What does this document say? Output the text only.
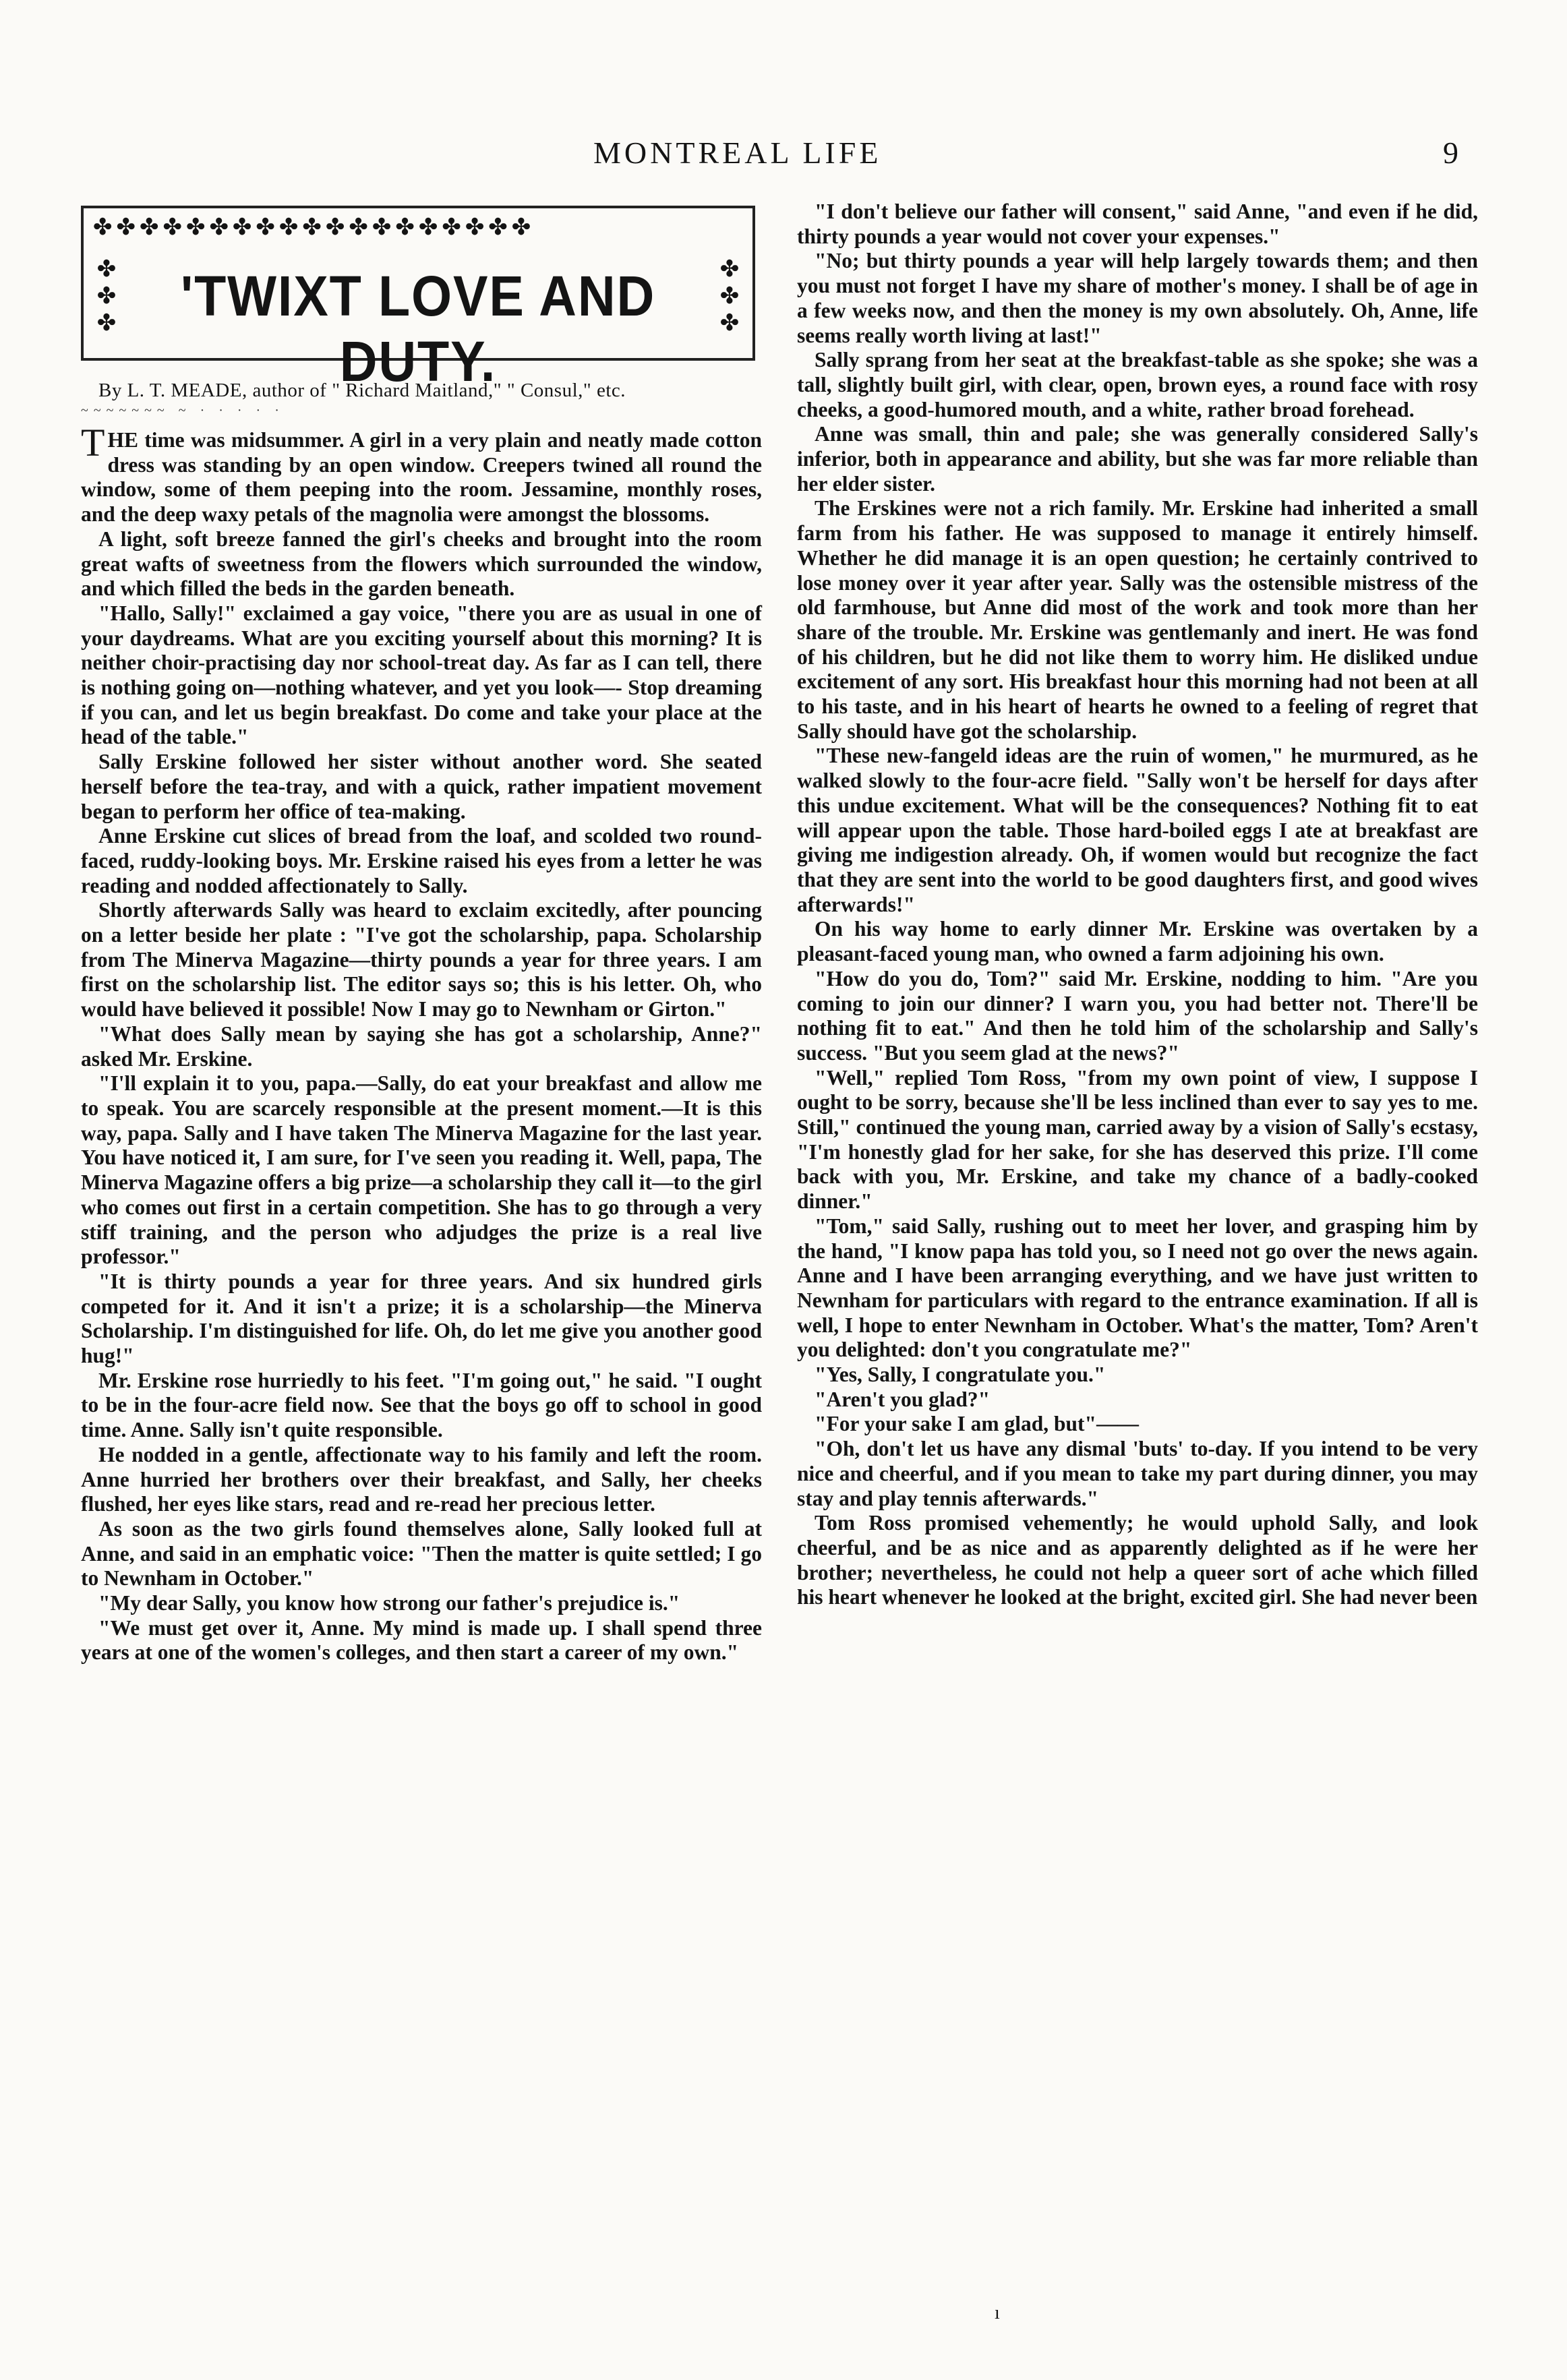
MONTREAL LIFE	9
✤✤✤✤✤✤✤✤✤✤✤✤✤✤✤✤✤✤✤
✤
✤
✤
✤
✤
✤
'TWIXT LOVE AND DUTY.
By L. T. MEADE, author of " Richard Maitland," " Consul," etc.
~~~~~~~ ~ · · · · ·

THE time was midsummer. A girl in a very plain and neatly made cotton dress was standing by an open window. Creepers twined all round the window, some of them peeping into the room. Jessamine, monthly roses, and the deep waxy petals of the magnolia were amongst the blossoms.

A light, soft breeze fanned the girl's cheeks and brought into the room great wafts of sweetness from the flowers which surrounded the window, and which filled the beds in the garden beneath.

"Hallo, Sally!" exclaimed a gay voice, "there you are as usual in one of your daydreams. What are you exciting yourself about this morning? It is neither choir-practising day nor school-treat day. As far as I can tell, there is nothing going on—nothing whatever, and yet you look—- Stop dreaming if you can, and let us begin breakfast. Do come and take your place at the head of the table."

Sally Erskine followed her sister without another word. She seated herself before the tea-tray, and with a quick, rather impatient movement began to perform her office of tea-making.

Anne Erskine cut slices of bread from the loaf, and scolded two round-faced, ruddy-looking boys. Mr. Erskine raised his eyes from a letter he was reading and nodded affectionately to Sally.

Shortly afterwards Sally was heard to exclaim excitedly, after pouncing on a letter beside her plate : "I've got the scholarship, papa. Scholarship from The Minerva Magazine—thirty pounds a year for three years. I am first on the scholarship list. The editor says so; this is his letter. Oh, who would have believed it possible! Now I may go to Newnham or Girton."

"What does Sally mean by saying she has got a scholarship, Anne?" asked Mr. Erskine.

"I'll explain it to you, papa.—Sally, do eat your breakfast and allow me to speak. You are scarcely responsible at the present moment.—It is this way, papa. Sally and I have taken The Minerva Magazine for the last year. You have noticed it, I am sure, for I've seen you reading it. Well, papa, The Minerva Magazine offers a big prize—a scholarship they call it—to the girl who comes out first in a certain competition. She has to go through a very stiff training, and the person who adjudges the prize is a real live professor."

"It is thirty pounds a year for three years. And six hundred girls competed for it. And it isn't a prize; it is a scholarship—the Minerva Scholarship. I'm distinguished for life. Oh, do let me give you another good hug!"

Mr. Erskine rose hurriedly to his feet. "I'm going out," he said. "I ought to be in the four-acre field now. See that the boys go off to school in good time. Anne. Sally isn't quite responsible.

He nodded in a gentle, affectionate way to his family and left the room. Anne hurried her brothers over their breakfast, and Sally, her cheeks flushed, her eyes like stars, read and re-read her precious letter.

As soon as the two girls found themselves alone, Sally looked full at Anne, and said in an emphatic voice: "Then the matter is quite settled; I go to Newnham in October."

"My dear Sally, you know how strong our father's prejudice is."

"We must get over it, Anne. My mind is made up. I shall spend three years at one of the women's colleges, and then start a career of my own."

"I don't believe our father will consent," said Anne, "and even if he did, thirty pounds a year would not cover your expenses."

"No; but thirty pounds a year will help largely towards them; and then you must not forget I have my share of mother's money. I shall be of age in a few weeks now, and then the money is my own absolutely. Oh, Anne, life seems really worth living at last!"

Sally sprang from her seat at the breakfast-table as she spoke; she was a tall, slightly built girl, with clear, open, brown eyes, a round face with rosy cheeks, a good-humored mouth, and a white, rather broad forehead.

Anne was small, thin and pale; she was generally considered Sally's inferior, both in appearance and ability, but she was far more reliable than her elder sister.

The Erskines were not a rich family. Mr. Erskine had inherited a small farm from his father. He was supposed to manage it entirely himself. Whether he did manage it is an open question; he certainly contrived to lose money over it year after year. Sally was the ostensible mistress of the old farmhouse, but Anne did most of the work and took more than her share of the trouble. Mr. Erskine was gentlemanly and inert. He was fond of his children, but he did not like them to worry him. He disliked undue excitement of any sort. His breakfast hour this morning had not been at all to his taste, and in his heart of hearts he owned to a feeling of regret that Sally should have got the scholarship.

"These new-fangeld ideas are the ruin of women," he murmured, as he walked slowly to the four-acre field. "Sally won't be herself for days after this undue excitement. What will be the consequences? Nothing fit to eat will appear upon the table. Those hard-boiled eggs I ate at breakfast are giving me indigestion already. Oh, if women would but recognize the fact that they are sent into the world to be good daughters first, and good wives afterwards!"

On his way home to early dinner Mr. Erskine was overtaken by a pleasant-faced young man, who owned a farm adjoining his own.

"How do you do, Tom?" said Mr. Erskine, nodding to him. "Are you coming to join our dinner? I warn you, you had better not. There'll be nothing fit to eat." And then he told him of the scholarship and Sally's success. "But you seem glad at the news?"

"Well," replied Tom Ross, "from my own point of view, I suppose I ought to be sorry, because she'll be less inclined than ever to say yes to me. Still," continued the young man, carried away by a vision of Sally's ecstasy, "I'm honestly glad for her sake, for she has deserved this prize. I'll come back with you, Mr. Erskine, and take my chance of a badly-cooked dinner."

"Tom," said Sally, rushing out to meet her lover, and grasping him by the hand, "I know papa has told you, so I need not go over the news again. Anne and I have been arranging everything, and we have just written to Newnham for particulars with regard to the entrance examination. If all is well, I hope to enter Newnham in October. What's the matter, Tom? Aren't you delighted: don't you congratulate me?"

"Yes, Sally, I congratulate you."

"Aren't you glad?"

"For your sake I am glad, but"——

"Oh, don't let us have any dismal 'buts' to-day. If you intend to be very nice and cheerful, and if you mean to take my part during dinner, you may stay and play tennis afterwards."

Tom Ross promised vehemently; he would uphold Sally, and look cheerful, and be as nice and as apparently delighted as if he were her brother; nevertheless, he could not help a queer sort of ache which filled his heart whenever he looked at the bright, excited girl. She had never been

ı
